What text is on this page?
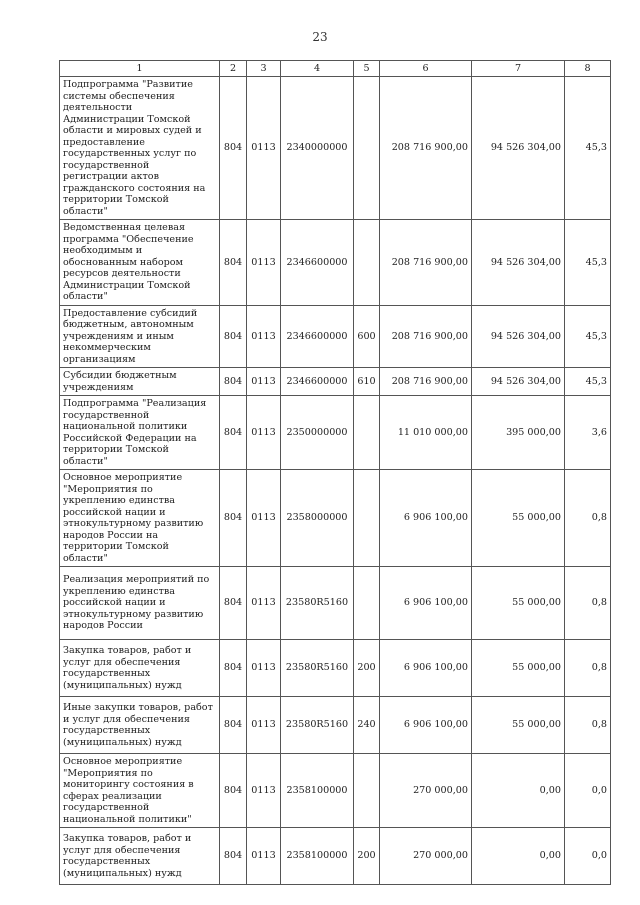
23
1	2	3	4	5	6	7	8
Подпрограмма "Развитие системы обеспечения деятельности Администрации Томской области и мировых судей и предоставление государственных услуг по государственной регистрации актов гражданского состояния на территории Томской области"	804	0113	2340000000		208 716 900,00	94 526 304,00	45,3
Ведомственная целевая программа "Обеспечение необходимым и обоснованным набором ресурсов деятельности Администрации Томской области"	804	0113	2346600000		208 716 900,00	94 526 304,00	45,3
Предоставление субсидий бюджетным, автономным учреждениям и иным некоммерческим организациям	804	0113	2346600000	600	208 716 900,00	94 526 304,00	45,3
Субсидии бюджетным учреждениям	804	0113	2346600000	610	208 716 900,00	94 526 304,00	45,3
Подпрограмма "Реализация государственной национальной политики Российской Федерации на территории Томской области"	804	0113	2350000000		11 010 000,00	395 000,00	3,6
Основное мероприятие "Мероприятия по укреплению единства российской нации и этнокультурному развитию народов России на территории Томской области"	804	0113	2358000000		6 906 100,00	55 000,00	0,8
Реализация мероприятий по укреплению единства российской нации и этнокультурному развитию народов России	804	0113	23580R5160		6 906 100,00	55 000,00	0,8
Закупка товаров, работ и услуг для обеспечения государственных (муниципальных) нужд	804	0113	23580R5160	200	6 906 100,00	55 000,00	0,8
Иные закупки товаров, работ и услуг для обеспечения государственных (муниципальных) нужд	804	0113	23580R5160	240	6 906 100,00	55 000,00	0,8
Основное мероприятие "Мероприятия по мониторингу состояния в сферах реализации государственной национальной политики"	804	0113	2358100000		270 000,00	0,00	0,0
Закупка товаров, работ и услуг для обеспечения государственных (муниципальных) нужд	804	0113	2358100000	200	270 000,00	0,00	0,0
